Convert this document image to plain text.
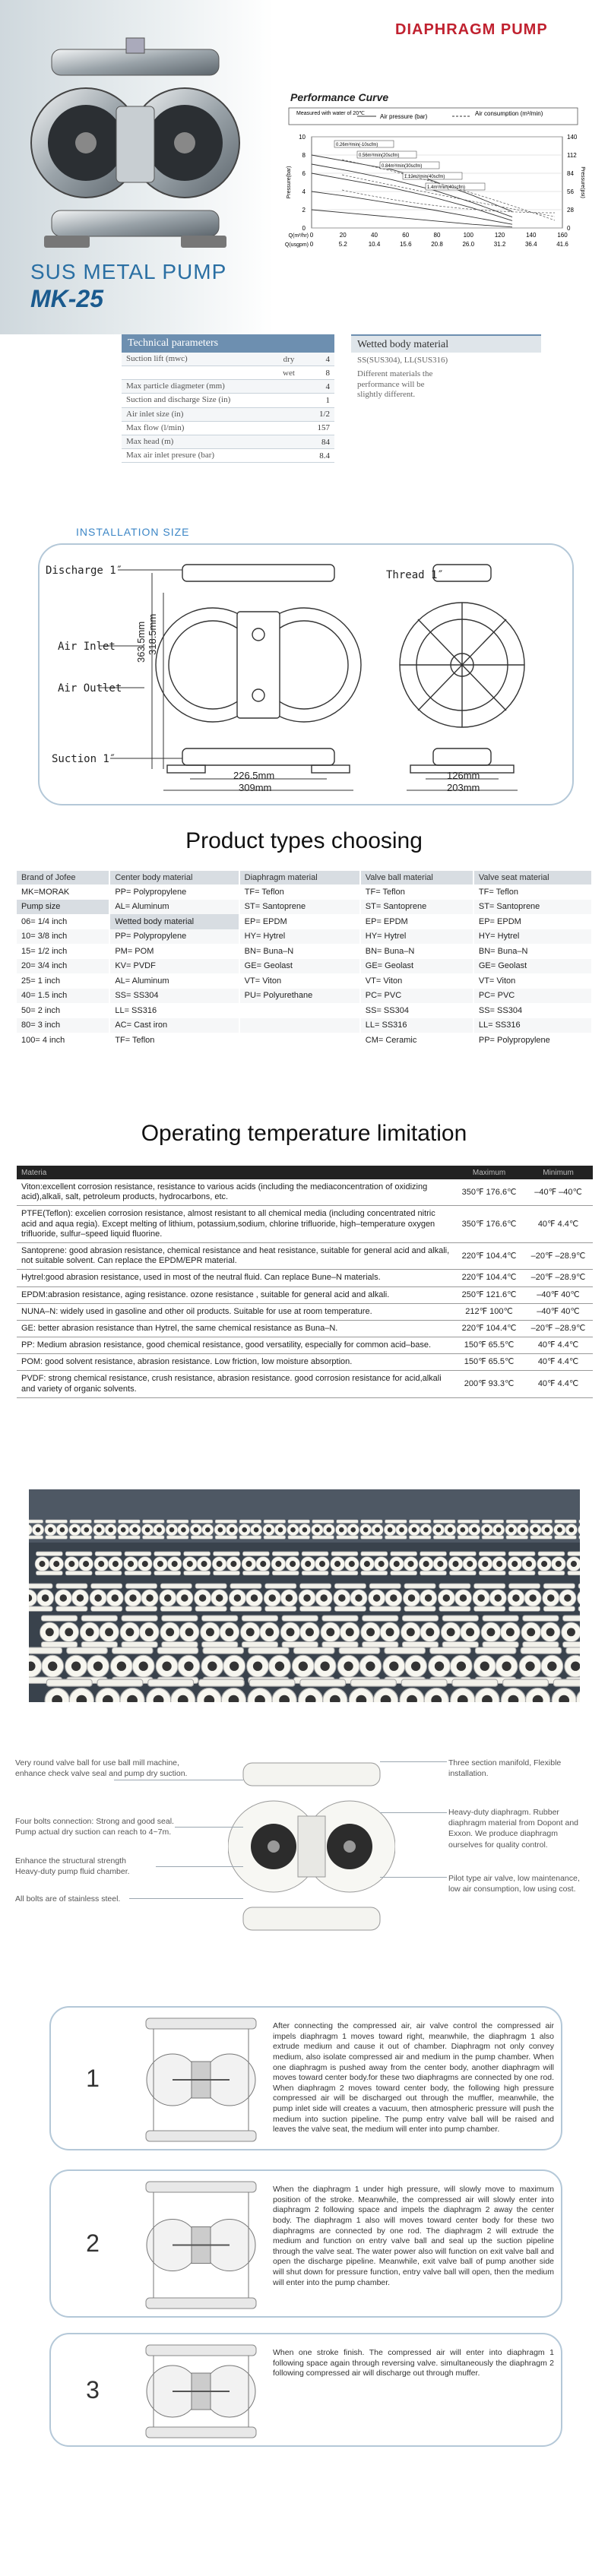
DIAPHRAGM PUMP
Performance Curve
Measured with water of 20℃	Air pressure (bar)	Air consumption (m³/min)
10
8
6
4
2
0
140
112
84
56
28
0
Pressure(bar)	Pressure(psi)
0
0
20
5.2
40
10.4
60
15.6
80
20.8
100
26.0
120
31.2
140
36.4
160
41.6
Q(m³/hr)
Q(usgpm)
0.26m³/min(-10scfm)
0.56m³/min(20scfm)
0.84m³/min(30scfm)
1.12m³/min(40scfm)
1.4m³/min(40scfm)
SUS METAL PUMP
MK-25
Technical parameters
Suction lift (mwc)	dry	4
wet	8
Max particle diagmeter (mm)	4
Suction and discharge Size (in)	1
Air inlet size (in)	1/2
Max flow (l/min)	157
Max head (m)	84
Max air inlet presure (bar)	8.4
Wetted body material
SS(SUS304), LL(SUS316)
Different materials the performance will be slightly different.
INSTALLATION SIZE
Discharge 1″
Air Inlet
Air Outlet
Suction 1″
Thread 1″
363.5mm 318.5mm
226.5mm
309mm
126mm
203mm
Product types choosing
Brand of Jofee	Center body material	Diaphragm material	Valve ball material	Valve seat material
MK=MORAK	PP= Polypropylene	TF= Teflon	TF= Teflon	TF= Teflon
Pump size	AL= Aluminum	ST= Santoprene	ST= Santoprene	ST= Santoprene
06= 1/4 inch	Wetted body material	EP= EPDM	EP= EPDM	EP= EPDM
10= 3/8 inch	PP= Polypropylene	HY= Hytrel	HY= Hytrel	HY= Hytrel
15= 1/2 inch	PM= POM	BN= Buna–N	BN= Buna–N	BN= Buna–N
20= 3/4 inch	KV= PVDF	GE= Geolast	GE= Geolast	GE= Geolast
25= 1 inch	AL= Aluminum	VT= Viton	VT= Viton	VT= Viton
40= 1.5 inch	SS= SS304	PU= Polyurethane	PC= PVC	PC= PVC
50= 2 inch	LL= SS316		SS= SS304	SS= SS304
80= 3 inch	AC= Cast iron		LL= SS316	LL= SS316
100= 4 inch	TF= Teflon		CM= Ceramic	PP= Polypropylene
Operating temperature limitation
Materia	Maximum	Minimum
Viton:excellent corrosion resistance, resistance to various acids (including the mediaconcentration of oxidizing acid),alkali, salt, petroleum products, hydrocarbons, etc.	350℉ 176.6℃	–40℉ –40℃
PTFE(Teflon): excelien corrosion resistance, almost resistant to all chemical media (including concentrated nitric acid and aqua regia). Except melting of lithium, potassium,sodium, chlorine trifluoride, high–temperature oxygen trifluoride, sulfur–speed liquid fluorine.	350℉ 176.6℃	40℉ 4.4℃
Santoprene: good abrasion resistance, chemical resistance and heat resistance, suitable for general acid and alkali, not suitable solvent. Can replace the EPDM/EPR material.	220℉ 104.4℃	–20℉ –28.9℃
Hytrel:good abrasion resistance, used in most of the neutral fluid. Can replace Bune–N materials.	220℉ 104.4℃	–20℉ –28.9℃
EPDM:abrasion resistance, aging resistance. ozone resistance , suitable for general acid and alkali.	250℉ 121.6℃	–40℉ 40℃
NUNA–N: widely used in gasoline and other oil products. Suitable for use at room temperature.	212℉ 100℃	–40℉ 40℃
GE: better abrasion resistance than Hytrel, the same chemical resistance as Buna–N.	220℉ 104.4℃	–20℉ –28.9℃
PP: Medium abrasion resistance, good chemical resistance, good versatility, especially for common acid–base.	150℉ 65.5℃	40℉ 4.4℃
POM: good solvent resistance, abrasion resistance. Low friction, low moisture absorption.	150℉ 65.5℃	40℉ 4.4℃
PVDF: strong chemical resistance, crush resistance, abrasion resistance. good corrosion resistance for acid,alkali and variety of organic solvents.	200℉ 93.3℃	40℉ 4.4℃
Very round valve ball for use ball mill machine, enhance check valve seal and pump dry suction.
Four bolts connection: Strong and good seal. Pump actual dry suction can reach to 4~7m.
Enhance the structural strength Heavy-duty pump fluid chamber.
All bolts are of stainless steel.
Three section manifold, Flexible installation.
Heavy-duty diaphragm. Rubber diaphragm material from Dopont and Exxon. We produce diaphragm ourselves for quality control.
Pilot type air valve, low maintenance, low air consumption, low using cost.
1
After connecting the compressed air, air valve control the compressed air impels diaphragm 1 moves toward right, meanwhile, the diaphragm 1 also extrude medium and cause it out of chamber. Diaphragm not only convey medium, also isolate compressed air and medium in the pump chamber. When one diaphragm is pushed away from the center body, another diaphragm will moves toward center body.for these two diaphragms are connected by one rod. When diaphragm 2 moves toward center body, the following high pressure compressed air will be discharged out through the muffler, meanwhile, the pump inlet side will creates a vacuum, then atmospheric pressure will push the medium into suction pipeline. The pump entry valve ball will be raised and leaves the valve seat, the medium will enter into pump chamber.
2
When the diaphragm 1 under high pressure, will slowly move to maximum position of the stroke. Meanwhile, the compressed air will slowly enter into diaphragm 2 following space and impels the diaphragm 2 away the center body. The diaphragm 1 also will moves toward center body for these two diaphragms are connected by one rod. The diaphragm 2 will extrude the medium and function on entry valve ball and seal up the suction pipeline through the valve seat. The water power also will function on exit valve ball and open the discharge pipeline. Meanwhile, exit valve ball of pump another side will shut down for pressure function, entry valve ball will open, then the medium will enter into the pump chamber.
3
When one stroke finish. The compressed air will enter into diaphragm 1 following space again through reversing valve. simultaneously the diaphragm 2 following compressed air will discharge out through muffer.
